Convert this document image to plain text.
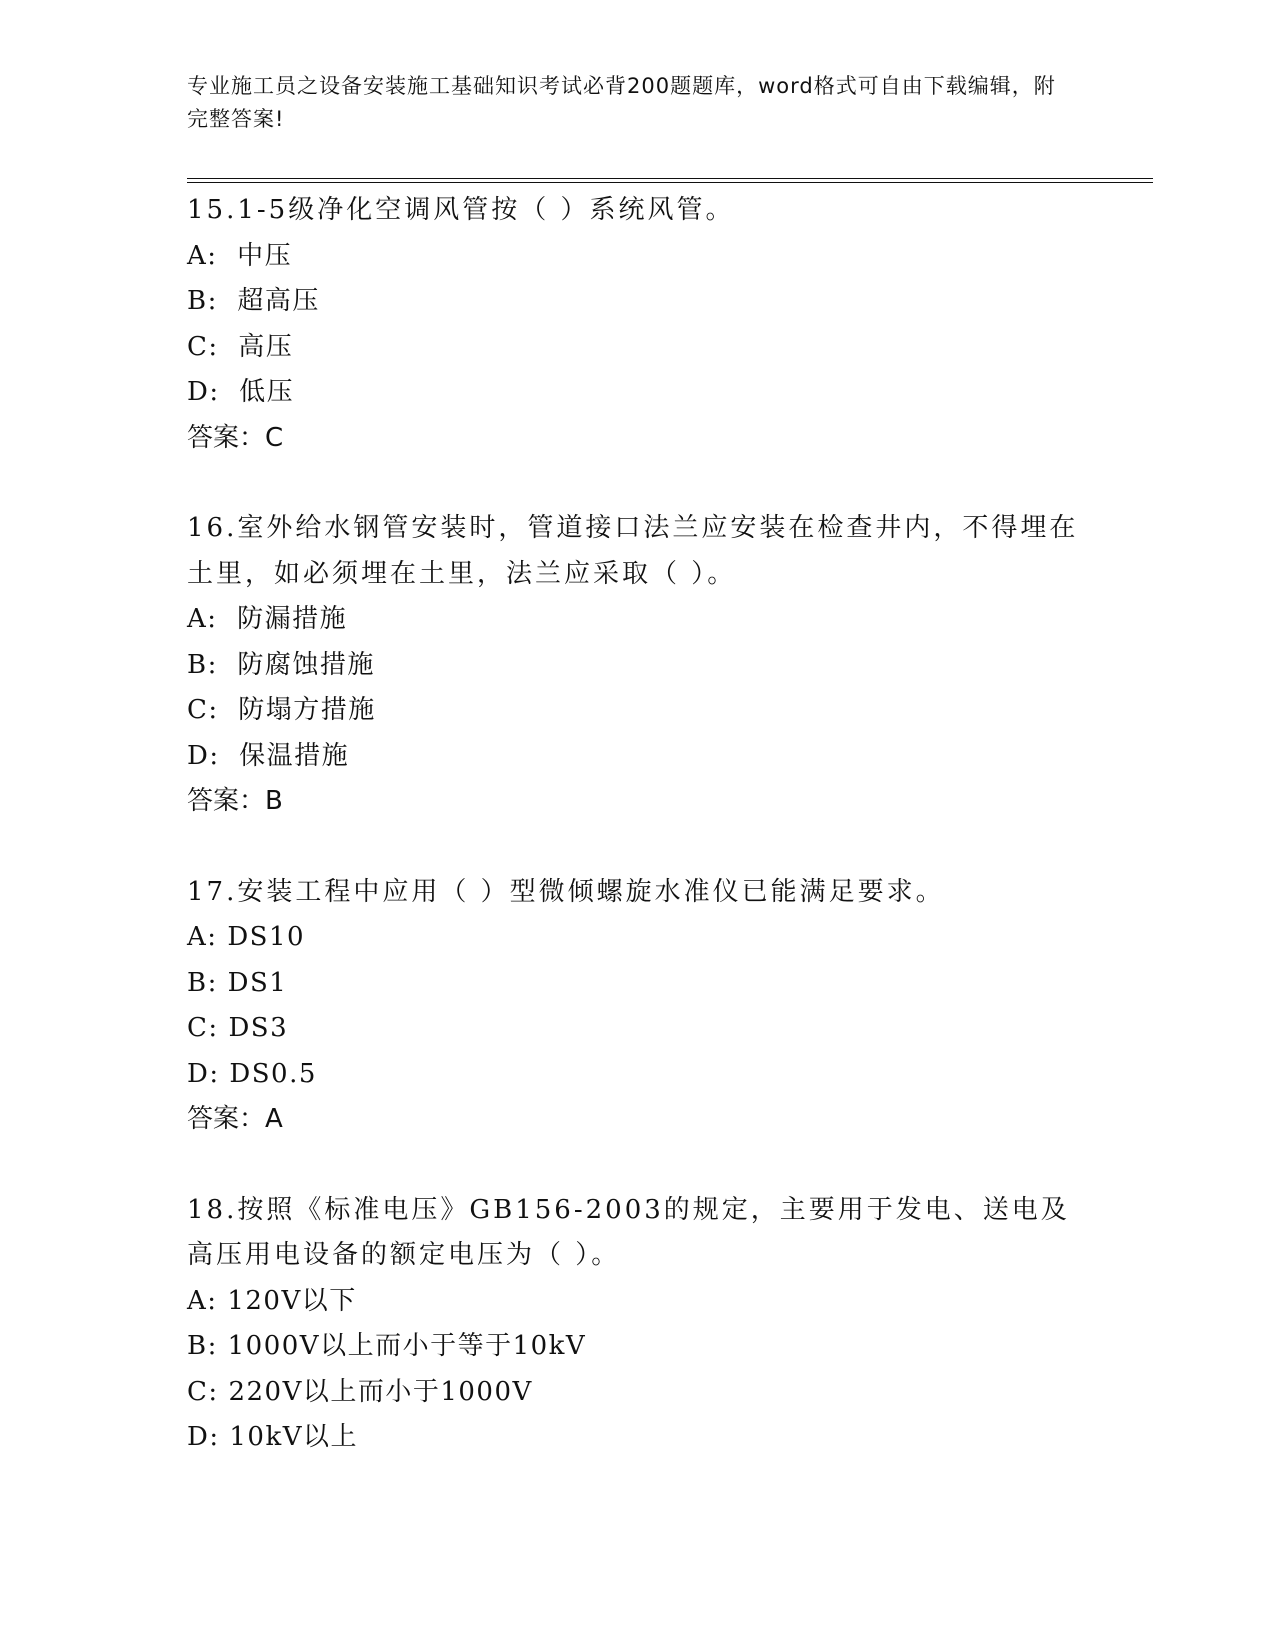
专业施工员之设备安装施工基础知识考试必背200题题库，word格式可自由下载编辑，附完整答案!

15.1-5级净化空调风管按（ ）系统风管。

A:  中压

B:  超高压

C:  高压

D:  低压

答案：C

16.室外给水钢管安装时，管道接口法兰应安装在检查井内，不得埋在土里，如必须埋在土里，法兰应采取（ ）。

A:  防漏措施

B:  防腐蚀措施

C:  防塌方措施

D:  保温措施

答案：B

17.安装工程中应用（ ）型微倾螺旋水准仪已能满足要求。

A: DS10

B: DS1

C: DS3

D: DS0.5

答案：A

18.按照《标准电压》GB156-2003的规定，主要用于发电、送电及高压用电设备的额定电压为（ ）。

A: 120V以下

B: 1000V以上而小于等于10kV

C: 220V以上而小于1000V

D: 10kV以上
